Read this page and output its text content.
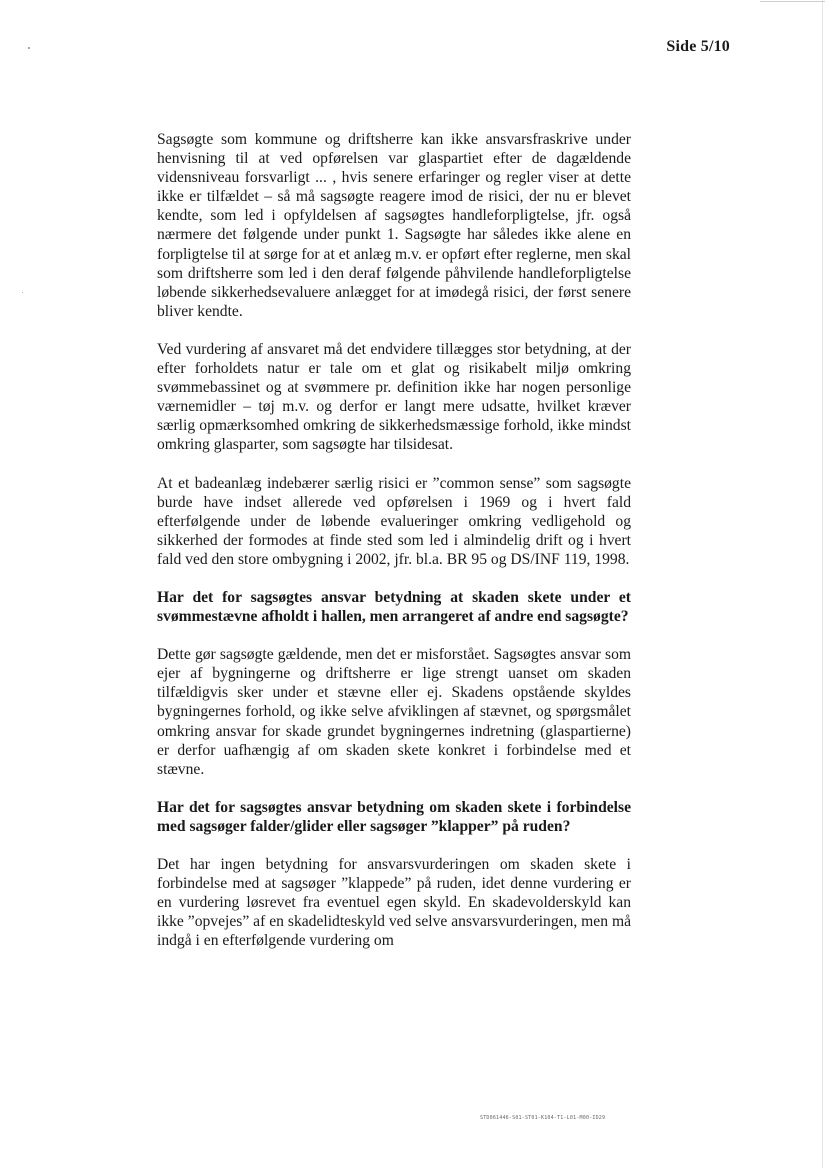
Side 5/10

Sagsøgte som kommune og driftsherre kan ikke ansvarsfraskrive under henvisning til at ved opførelsen var glaspartiet efter de dagældende vidensniveau forsvarligt ... , hvis senere erfaringer og regler viser at dette ikke er tilfældet – så må sagsøgte reagere imod de risici, der nu er blevet kendte, som led i opfyldelsen af sagsøgtes handleforpligtelse, jfr. også nærmere det følgende under punkt 1. Sagsøgte har således ikke alene en forpligtelse til at sørge for at et anlæg m.v. er opført efter reglerne, men skal som driftsherre som led i den deraf følgende påhvilende handleforpligtelse løbende sikkerhedsevaluere anlægget for at imødegå risici, der først senere bliver kendte.

Ved vurdering af ansvaret må det endvidere tillægges stor betydning, at der efter forholdets natur er tale om et glat og risikabelt miljø omkring svømmebassinet og at svømmere pr. definition ikke har nogen personlige værnemidler – tøj m.v. og derfor er langt mere udsatte, hvilket kræver særlig opmærksomhed omkring de sikkerhedsmæssige forhold, ikke mindst omkring glasparter, som sagsøgte har tilsidesat.

At et badeanlæg indebærer særlig risici er ”common sense” som sagsøgte burde have indset allerede ved opførelsen i 1969 og i hvert fald efterfølgende under de løbende evalueringer omkring vedligehold og sikkerhed der formodes at finde sted som led i almindelig drift og i hvert fald ved den store ombygning i 2002, jfr. bl.a. BR 95 og DS/INF 119, 1998.

Har det for sagsøgtes ansvar betydning at skaden skete under et svømmestævne afholdt i hallen, men arrangeret af andre end sagsøgte?

Dette gør sagsøgte gældende, men det er misforstået. Sagsøgtes ansvar som ejer af bygningerne og driftsherre er lige strengt uanset om skaden tilfældigvis sker under et stævne eller ej. Skadens opstående skyldes bygningernes forhold, og ikke selve afviklingen af stævnet, og spørgsmålet omkring ansvar for skade grundet bygningernes indretning (glaspartierne) er derfor uafhængig af om skaden skete konkret i forbindelse med et stævne.

Har det for sagsøgtes ansvar betydning om skaden skete i forbindelse med sagsøger falder/glider eller sagsøger ”klapper” på ruden?

Det har ingen betydning for ansvarsvurderingen om skaden skete i forbindelse med at sagsøger ”klappede” på ruden, idet denne vurdering er en vurdering løsrevet fra eventuel egen skyld. En skadevolderskyld kan ikke ”opvejes” af en skadelidteskyld ved selve ansvarsvurderingen, men må indgå i en efterfølgende vurdering om

STD061446-S01-ST01-K104-T1-L01-M00-ID29
